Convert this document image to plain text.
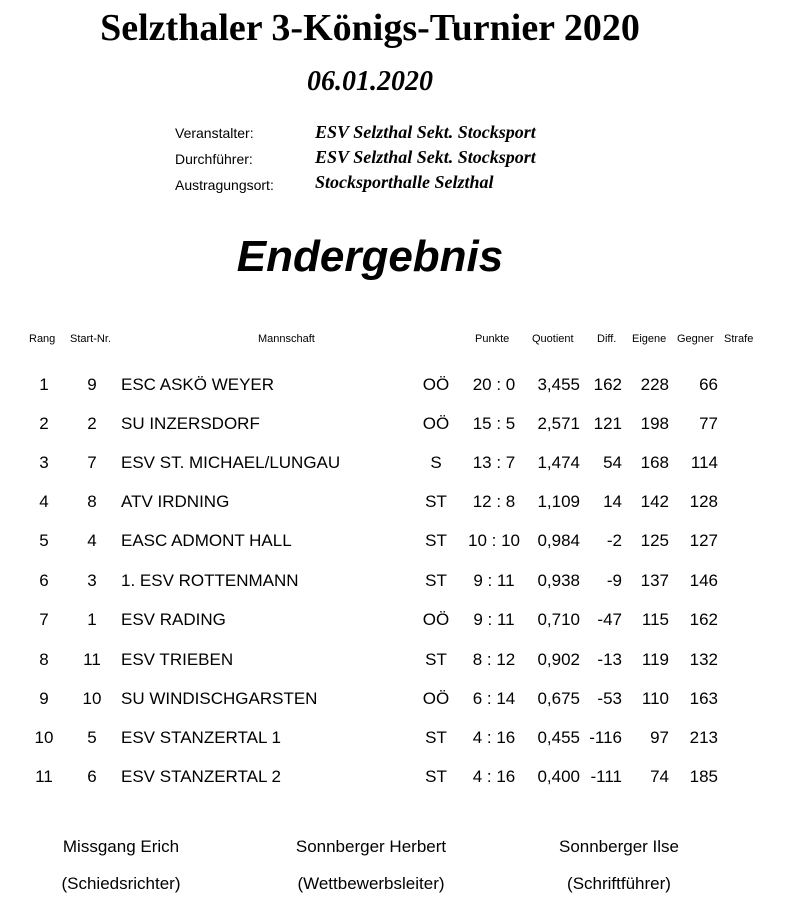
Selzthaler 3-Königs-Turnier 2020
06.01.2020
Veranstalter:	ESV Selzthal Sekt. Stocksport
Durchführer:	ESV Selzthal Sekt. Stocksport
Austragungsort: Stocksporthalle Selzthal
Endergebnis
Rang Start-Nr.	Mannschaft	Punkte Quotient Diff. Eigene Gegner Strafe
1	9	ESC ASKÖ WEYER	OÖ	20 : 0	3,455 162	228	66
2	2	SU INZERSDORF	OÖ	15 : 5	2,571 121	198	77
3	7	ESV ST. MICHAEL/LUNGAU	S	13 : 7	1,474	54	168	114
4	8	ATV IRDNING	ST	12 : 8	1,109	14	142	128
5	4	EASC ADMONT HALL	ST	10 : 10	0,984	-2	125	127
6	3	1. ESV ROTTENMANN	ST	9 : 11	0,938	-9	137	146
7	1	ESV RADING	OÖ	9 : 11	0,710	-47	115	162
8	11	ESV TRIEBEN	ST	8 : 12	0,902	-13	119	132
9	10	SU WINDISCHGARSTEN	OÖ	6 : 14	0,675	-53	110	163
10	5	ESV STANZERTAL 1	ST	4 : 16	0,455 -116	97	213
11	6	ESV STANZERTAL 2	ST	4 : 16	0,400 -111	74	185
Missgang Erich
(Schiedsrichter)
Sonnberger Herbert
(Wettbewerbsleiter)
Sonnberger Ilse
(Schriftführer)
